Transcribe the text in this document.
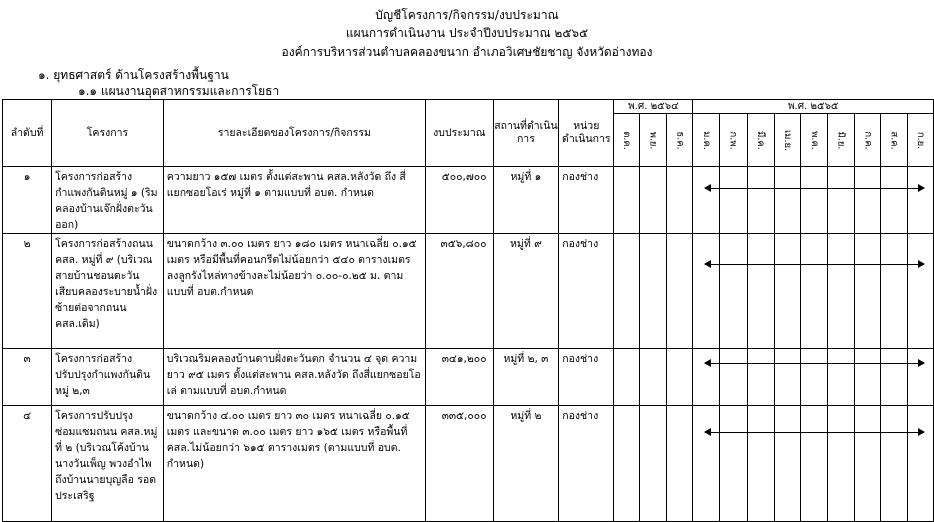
บัญชีโครงการ/กิจกรรม/งบประมาณ
แผนการดำเนินงาน ประจำปีงบประมาณ ๒๕๖๕
องค์การบริหารส่วนตำบลคลองขนาก อำเภอวิเศษชัยชาญ จังหวัดอ่างทอง
๑. ยุทธศาสตร์ ด้านโครงสร้างพื้นฐาน
๑.๑ แผนงานอุตสาหกรรมและการโยธา
ลำดับที่	โครงการ	รายละเอียดของโครงการ/กิจกรรม	งบประมาณ	สถานที่ดำเนินการ	หน่วยดำเนินการ	พ.ศ. ๒๕๖๔			พ.ศ. ๒๕๖๕								
						ต.ค.	พ.ย.	ธ.ค.	ม.ค.	ก.พ.	มี.ค.	เม.ย.	พ.ค.	มิ.ย.	ก.ค.	ส.ค.	ก.ย.
๑	โครงการก่อสร้างกำแพงกันดินหมู่ ๑ (ริมคลองบ้านเจ๊กฝั่งตะวันออก)	ความยาว ๑๕๗ เมตร ตั้งแต่สะพาน คสล.หลังวัด ถึง สี่แยกซอยโอเร่ หมู่ที่ ๑ ตามแบบที่ อบต. กำหนด	๕๐๐,๗๐๐	หมู่ที่ ๑	กองช่าง												
๒	โครงการก่อสร้างถนน คสล. หมู่ที่ ๙ (บริเวณสายบ้านชอนตะวันเสียบคลองระบายน้ำฝั่งซ้ายต่อจากถนน คสล.เดิม)	ขนาดกว้าง ๓.๐๐ เมตร ยาว ๑๘๐ เมตร หนาเฉลี่ย ๐.๑๕ เมตร หรือมีพื้นที่คอนกรีตไม่น้อยกว่า ๕๔๐ ตารางเมตร ลงลูกรังไหล่ทางข้างละไม่น้อยว่า ๐.๐๐-๐.๒๕ ม. ตามแบบที่ อบต.กำหนด	๓๕๖,๘๐๐	หมู่ที่ ๙	กองช่าง												
๓	โครงการก่อสร้างปรับปรุงกำแพงกันดิน หมู่ ๒,๓	บริเวณริมคลองบ้านดาบฝั่งตะวันตก จำนวน ๔ จุด ความยาว ๙๕ เมตร ตั้งแต่สะพาน คสล.หลังวัด ถึงสี่แยกซอยโอเล่ ตามแบบที่ อบต.กำหนด	๓๔๑,๒๐๐	หมู่ที่ ๒, ๓	กองช่าง												
๔	โครงการปรับปรุงซ่อมแซมถนน คสล.หมู่ที่ ๒ (บริเวณโค้งบ้านนางวันเพ็ญ พวงอำไพ ถึงบ้านนายบุญลือ รอดประเสริฐ	ขนาดกว้าง ๔.๐๐ เมตร ยาว ๓๐ เมตร หนาเฉลี่ย ๐.๑๕ เมตร และขนาด ๓.๐๐ เมตร ยาว ๑๖๕ เมตร หรือพื้นที่ คสล.ไม่น้อยกว่า ๖๑๕ ตารางเมตร (ตามแบบที่ อบต. กำหนด)	๓๓๕,๐๐๐	หมู่ที่ ๒	กองช่าง												
